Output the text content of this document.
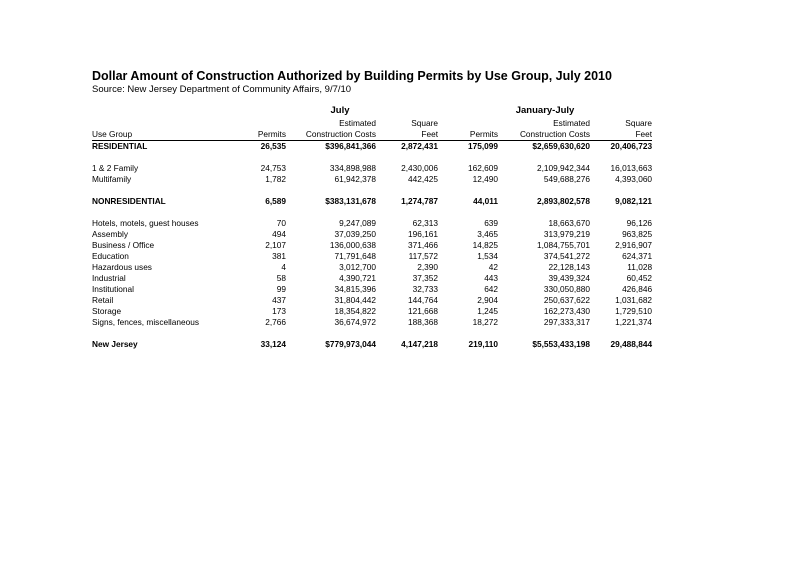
Dollar Amount of Construction Authorized by Building Permits by Use Group, July 2010
Source: New Jersey Department of Community Affairs, 9/7/10
	July			January-July		
		Estimated	Square		Estimated	Square
Use Group	Permits	Construction Costs	Feet	Permits	Construction Costs	Feet
RESIDENTIAL	26,535	$396,841,366	2,872,431	175,099	$2,659,630,620	20,406,723

1 & 2 Family	24,753	334,898,988	2,430,006	162,609	2,109,942,344	16,013,663
Multifamily	1,782	61,942,378	442,425	12,490	549,688,276	4,393,060

NONRESIDENTIAL	6,589	$383,131,678	1,274,787	44,011	2,893,802,578	9,082,121

Hotels, motels, guest houses	70	9,247,089	62,313	639	18,663,670	96,126
Assembly	494	37,039,250	196,161	3,465	313,979,219	963,825
Business / Office	2,107	136,000,638	371,466	14,825	1,084,755,701	2,916,907
Education	381	71,791,648	117,572	1,534	374,541,272	624,371
Hazardous uses	4	3,012,700	2,390	42	22,128,143	11,028
Industrial	58	4,390,721	37,352	443	39,439,324	60,452
Institutional	99	34,815,396	32,733	642	330,050,880	426,846
Retail	437	31,804,442	144,764	2,904	250,637,622	1,031,682
Storage	173	18,354,822	121,668	1,245	162,273,430	1,729,510
Signs, fences, miscellaneous	2,766	36,674,972	188,368	18,272	297,333,317	1,221,374

New Jersey	33,124	$779,973,044	4,147,218	219,110	$5,553,433,198	29,488,844
